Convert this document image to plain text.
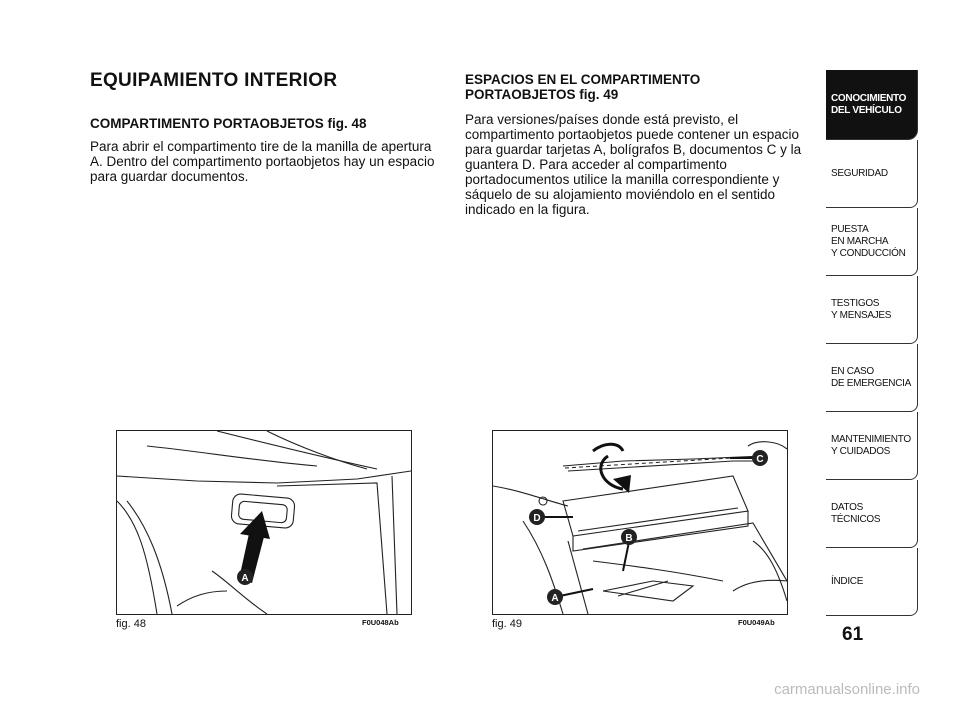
EQUIPAMIENTO INTERIOR
COMPARTIMENTO PORTAOBJETOS fig. 48
Para abrir el compartimento tire de la manilla de apertura A. Dentro del compartimento portaobjetos hay un espacio para guardar documentos.
ESPACIOS EN EL COMPARTIMENTO PORTAOBJETOS fig. 49
Para versiones/países donde está previsto, el compartimento portaobjetos puede contener un espacio para guardar tarjetas A, bolígrafos B, documentos C y la guantera D. Para acceder al compartimento portadocumentos utilice la manilla correspondiente y sáquelo de su alojamiento moviéndolo en el sentido indicado en la figura.
A
fig. 48	F0U048Ab
C
D
B
A
fig. 49	F0U049Ab
CONOCIMIENTO
DEL VEHÍCULO
SEGURIDAD
PUESTA
EN MARCHA
Y CONDUCCIÓN
TESTIGOS
Y MENSAJES
EN CASO
DE EMERGENCIA
MANTENIMIENTO
Y CUIDADOS
DATOS TÉCNICOS
ÍNDICE
61
carmanualsonline.info
